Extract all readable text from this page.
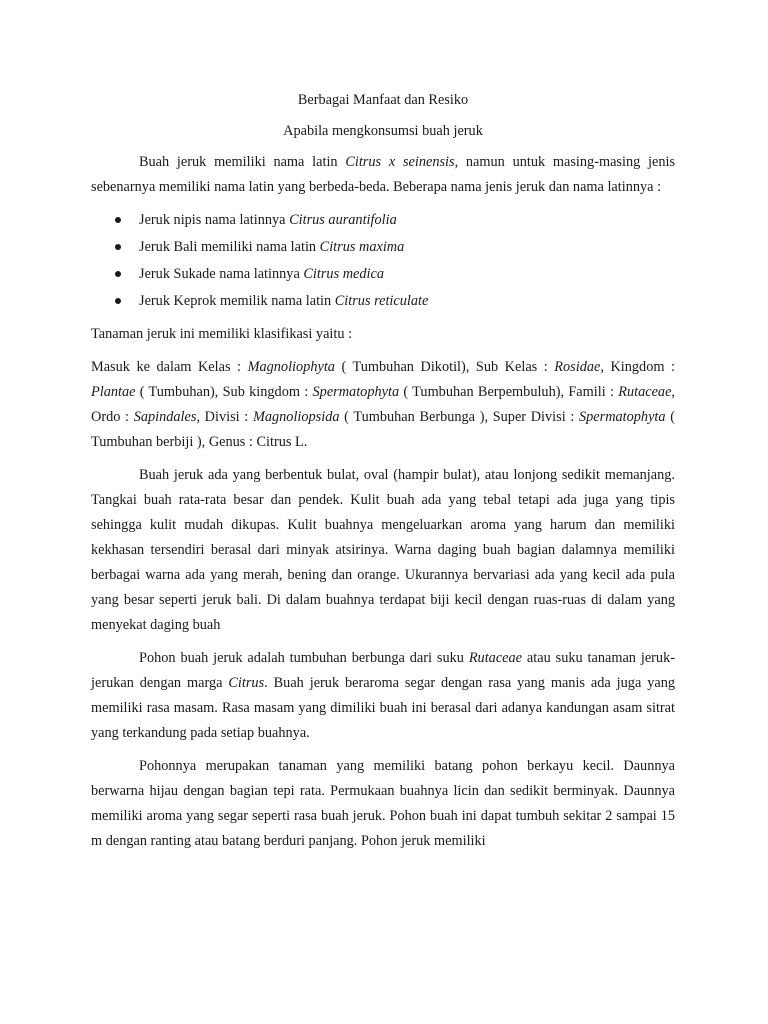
Berbagai Manfaat dan Resiko

Apabila mengkonsumsi buah jeruk

Buah jeruk memiliki nama latin Citrus x seinensis, namun untuk masing-masing jenis sebenarnya memiliki nama latin yang berbeda-beda. Beberapa nama jenis jeruk dan nama latinnya :

Jeruk nipis nama latinnya Citrus aurantifolia
Jeruk Bali memiliki nama latin Citrus maxima
Jeruk Sukade nama latinnya Citrus medica
Jeruk Keprok memilik nama latin Citrus reticulate

Tanaman jeruk ini memiliki klasifikasi yaitu :

Masuk ke dalam Kelas : Magnoliophyta ( Tumbuhan Dikotil), Sub Kelas : Rosidae, Kingdom : Plantae ( Tumbuhan), Sub kingdom : Spermatophyta ( Tumbuhan Berpembuluh), Famili : Rutaceae, Ordo : Sapindales, Divisi : Magnoliopsida ( Tumbuhan Berbunga ), Super Divisi : Spermatophyta ( Tumbuhan berbiji ), Genus : Citrus L.

Buah jeruk ada yang berbentuk bulat, oval (hampir bulat), atau lonjong sedikit memanjang. Tangkai buah rata-rata besar dan pendek. Kulit buah ada yang tebal tetapi ada juga yang tipis sehingga kulit mudah dikupas. Kulit buahnya mengeluarkan aroma yang harum dan memiliki kekhasan tersendiri berasal dari minyak atsirinya. Warna daging buah bagian dalamnya memiliki berbagai warna ada yang merah, bening dan orange. Ukurannya bervariasi ada yang kecil ada pula yang besar seperti jeruk bali. Di dalam buahnya terdapat biji kecil dengan ruas-ruas di dalam yang menyekat daging buah

Pohon buah jeruk adalah tumbuhan berbunga dari suku Rutaceae atau suku tanaman jeruk-jerukan dengan marga Citrus. Buah jeruk beraroma segar dengan rasa yang manis ada juga yang memiliki rasa masam. Rasa masam yang dimiliki buah ini berasal dari adanya kandungan asam sitrat yang terkandung pada setiap buahnya.

Pohonnya merupakan tanaman yang memiliki batang pohon berkayu kecil. Daunnya berwarna hijau dengan bagian tepi rata. Permukaan buahnya licin dan sedikit berminyak. Daunnya memiliki aroma yang segar seperti rasa buah jeruk. Pohon buah ini dapat tumbuh sekitar 2 sampai 15 m dengan ranting atau batang berduri panjang. Pohon jeruk memiliki
